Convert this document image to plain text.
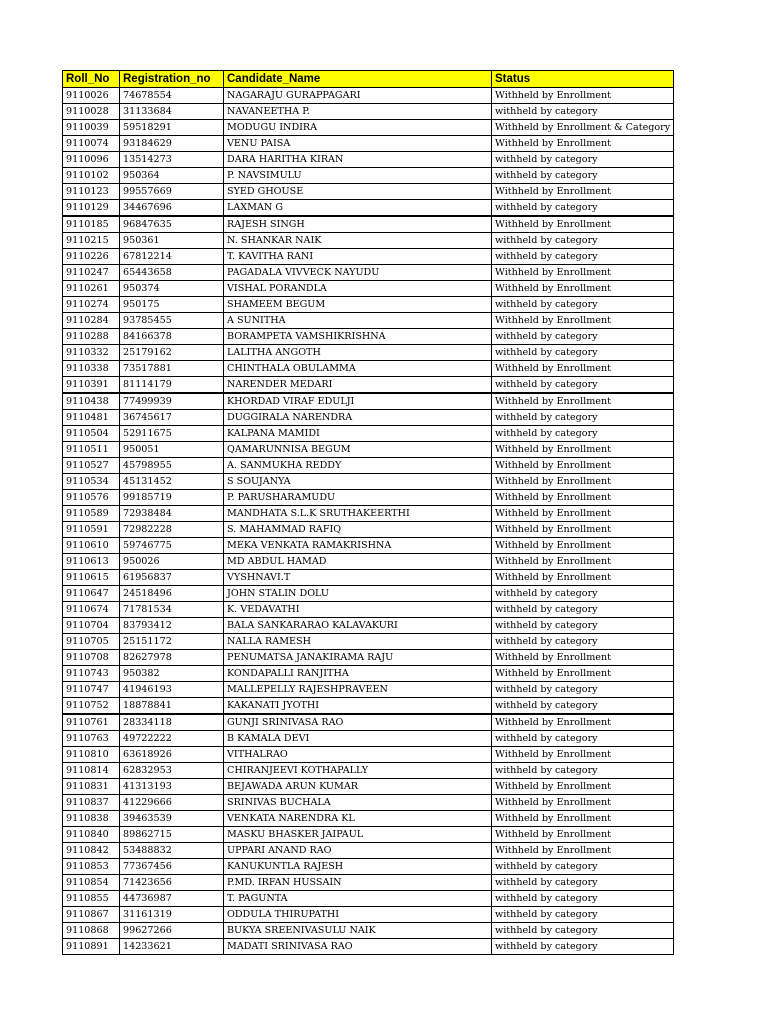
Roll_No	Registration_no	Candidate_Name	Status
9110026	74678554	NAGARAJU GURAPPAGARI	Withheld by Enrollment
9110028	31133684	NAVANEETHA P.	withheld by category
9110039	59518291	MODUGU INDIRA	Withheld by Enrollment & Category
9110074	93184629	VENU PAISA	Withheld by Enrollment
9110096	13514273	DARA HARITHA KIRAN	withheld by category
9110102	950364	P. NAVSIMULU	withheld by category
9110123	99557669	SYED GHOUSE	Withheld by Enrollment
9110129	34467696	LAXMAN G	withheld by category
9110185	96847635	RAJESH SINGH	Withheld by Enrollment
9110215	950361	N. SHANKAR NAIK	withheld by category
9110226	67812214	T. KAVITHA RANI	withheld by category
9110247	65443658	PAGADALA VIVVECK NAYUDU	Withheld by Enrollment
9110261	950374	VISHAL PORANDLA	Withheld by Enrollment
9110274	950175	SHAMEEM BEGUM	withheld by category
9110284	93785455	A SUNITHA	Withheld by Enrollment
9110288	84166378	BORAMPETA VAMSHIKRISHNA	withheld by category
9110332	25179162	LALITHA ANGOTH	withheld by category
9110338	73517881	CHINTHALA OBULAMMA	Withheld by Enrollment
9110391	81114179	NARENDER MEDARI	withheld by category
9110438	77499939	KHORDAD VIRAF EDULJI	Withheld by Enrollment
9110481	36745617	DUGGIRALA NARENDRA	withheld by category
9110504	52911675	KALPANA MAMIDI	withheld by category
9110511	950051	QAMARUNNISA BEGUM	Withheld by Enrollment
9110527	45798955	A. SANMUKHA REDDY	Withheld by Enrollment
9110534	45131452	S SOUJANYA	Withheld by Enrollment
9110576	99185719	P. PARUSHARAMUDU	Withheld by Enrollment
9110589	72938484	MANDHATA S.L.K SRUTHAKEERTHI	Withheld by Enrollment
9110591	72982228	S. MAHAMMAD RAFIQ	Withheld by Enrollment
9110610	59746775	MEKA VENKATA RAMAKRISHNA	Withheld by Enrollment
9110613	950026	MD ABDUL HAMAD	Withheld by Enrollment
9110615	61956837	VYSHNAVI.T	Withheld by Enrollment
9110647	24518496	JOHN STALIN DOLU	withheld by category
9110674	71781534	K. VEDAVATHI	withheld by category
9110704	83793412	BALA SANKARARAO KALAVAKURI	withheld by category
9110705	25151172	NALLA RAMESH	withheld by category
9110708	82627978	PENUMATSA JANAKIRAMA RAJU	Withheld by Enrollment
9110743	950382	KONDAPALLI RANJITHA	Withheld by Enrollment
9110747	41946193	MALLEPELLY RAJESHPRAVEEN	withheld by category
9110752	18878841	KAKANATI JYOTHI	withheld by category
9110761	28334118	GUNJI SRINIVASA RAO	Withheld by Enrollment
9110763	49722222	B KAMALA DEVI	withheld by category
9110810	63618926	VITHALRAO	Withheld by Enrollment
9110814	62832953	CHIRANJEEVI KOTHAPALLY	withheld by category
9110831	41313193	BEJAWADA ARUN KUMAR	Withheld by Enrollment
9110837	41229666	SRINIVAS BUCHALA	Withheld by Enrollment
9110838	39463539	VENKATA NARENDRA KL	Withheld by Enrollment
9110840	89862715	MASKU BHASKER JAIPAUL	Withheld by Enrollment
9110842	53488832	UPPARI ANAND RAO	Withheld by Enrollment
9110853	77367456	KANUKUNTLA RAJESH	withheld by category
9110854	71423656	P.MD. IRFAN HUSSAIN	withheld by category
9110855	44736987	T. PAGUNTA	withheld by category
9110867	31161319	ODDULA THIRUPATHI	withheld by category
9110868	99627266	BUKYA SREENIVASULU NAIK	withheld by category
9110891	14233621	MADATI SRINIVASA RAO	withheld by category
